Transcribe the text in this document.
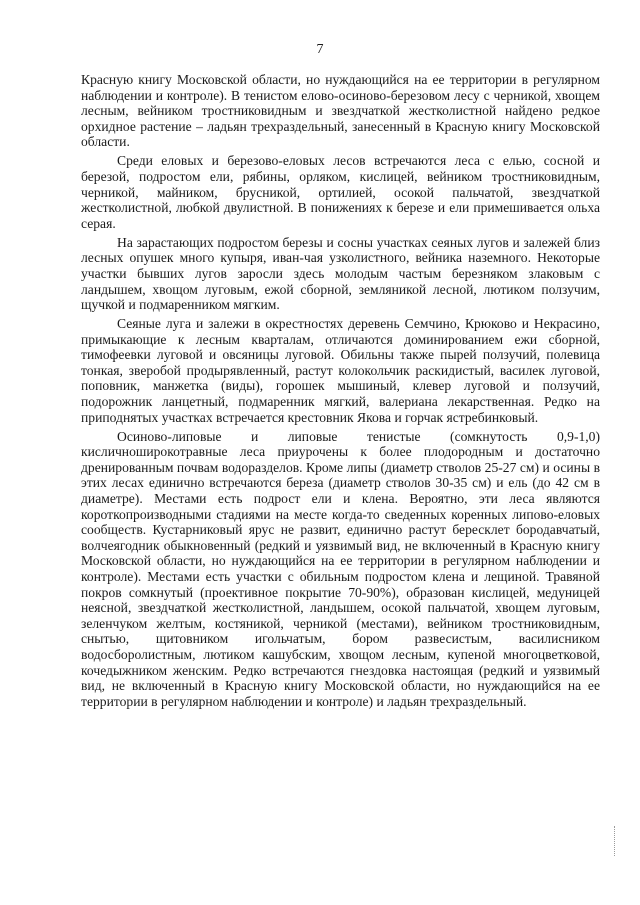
7

Красную книгу Московской области, но нуждающийся на ее территории в регулярном наблюдении и контроле). В тенистом елово-осиново-березовом лесу с черникой, хвощем лесным, вейником тростниковидным и звездчаткой жестколистной найдено редкое орхидное растение – ладьян трехраздельный, занесенный в Красную книгу Московской области.

Среди еловых и березово-еловых лесов встречаются леса с елью, сосной и березой, подростом ели, рябины, орляком, кислицей, вейником тростниковидным, черникой, майником, брусникой, ортилией, осокой пальчатой, звездчаткой жестколистной, любкой двулистной. В понижениях к березе и ели примешивается ольха серая.

На зарастающих подростом березы и сосны участках сеяных лугов и залежей близ лесных опушек много купыря, иван-чая узколистного, вейника наземного. Некоторые участки бывших лугов заросли здесь молодым частым березняком злаковым с ландышем, хвощом луговым, ежой сборной, земляникой лесной, лютиком ползучим, щучкой и подмаренником мягким.

Сеяные луга и залежи в окрестностях деревень Семчино, Крюково и Некрасино, примыкающие к лесным кварталам, отличаются доминированием ежи сборной, тимофеевки луговой и овсяницы луговой. Обильны также пырей ползучий, полевица тонкая, зверобой продырявленный, растут колокольчик раскидистый, василек луговой, поповник, манжетка (виды), горошек мышиный, клевер луговой и ползучий, подорожник ланцетный, подмаренник мягкий, валериана лекарственная. Редко на приподнятых участках встречается крестовник Якова и горчак ястребинковый.

Осиново-липовые и липовые тенистые (сомкнутость 0,9-1,0) кисличноширокотравные леса приурочены к более плодородным и достаточно дренированным почвам водоразделов. Кроме липы (диаметр стволов 25-27 см) и осины в этих лесах единично встречаются береза (диаметр стволов 30-35 см) и ель (до 42 см в диаметре). Местами есть подрост ели и клена. Вероятно, эти леса являются короткопроизводными стадиями на месте когда-то сведенных коренных липово-еловых сообществ. Кустарниковый ярус не развит, единично растут бересклет бородавчатый, волчеягодник обыкновенный (редкий и уязвимый вид, не включенный в Красную книгу Московской области, но нуждающийся на ее территории в регулярном наблюдении и контроле). Местами есть участки с обильным подростом клена и лещиной. Травяной покров сомкнутый (проективное покрытие 70-90%), образован кислицей, медуницей неясной, звездчаткой жестколистной, ландышем, осокой пальчатой, хвощем луговым, зеленчуком желтым, костяникой, черникой (местами), вейником тростниковидным, снытью, щитовником игольчатым, бором развесистым, василисником водосборолистным, лютиком кашубским, хвощом лесным, купеной многоцветковой, кочедыжником женским. Редко встречаются гнездовка настоящая (редкий и уязвимый вид, не включенный в Красную книгу Московской области, но нуждающийся на ее территории в регулярном наблюдении и контроле) и ладьян трехраздельный.
